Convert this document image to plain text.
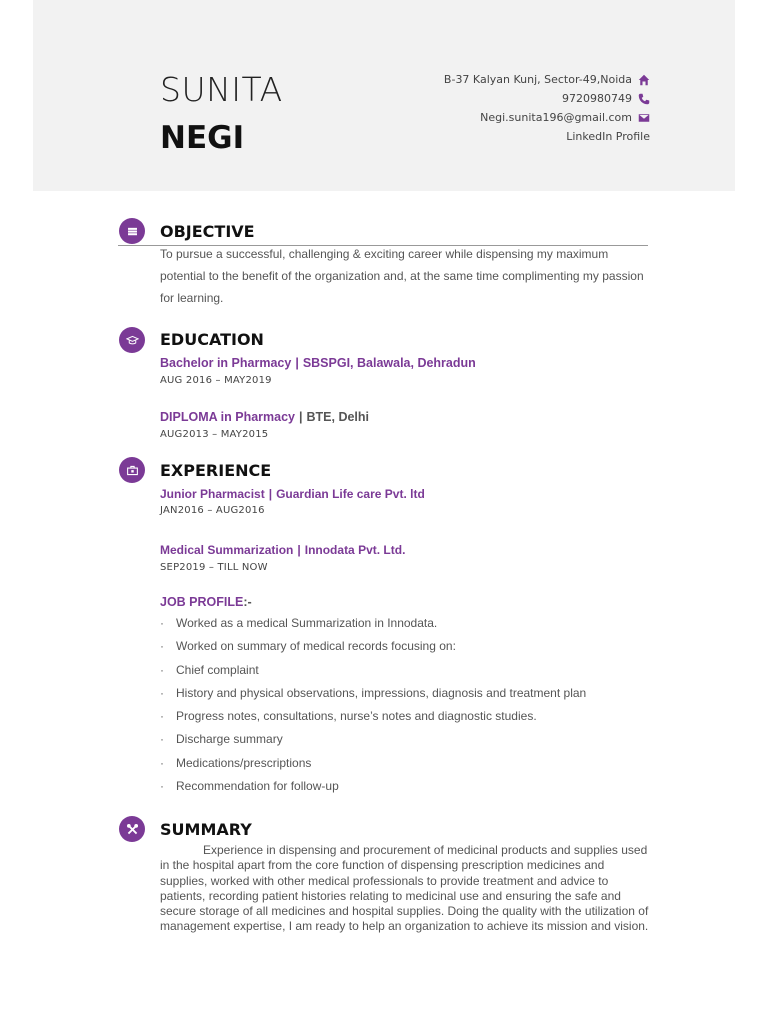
SUNITA
NEGI
B-37 Kalyan Kunj, Sector-49,Noida
9720980749
Negi.sunita196@gmail.com
LinkedIn Profile
OBJECTIVE
To pursue a successful, challenging & exciting career while dispensing my maximum potential to the benefit of the organization and, at the same time complimenting my passion for learning.
EDUCATION
Bachelor in Pharmacy | SBSPGI, Balawala, Dehradun
AUG 2016 – MAY2019
DIPLOMA in Pharmacy | BTE, Delhi
AUG2013 – MAY2015
EXPERIENCE
Junior Pharmacist | Guardian Life care Pvt. ltd
JAN2016 – AUG2016
Medical Summarization | Innodata Pvt. Ltd.
SEP2019 – TILL NOW
JOB PROFILE:-
·	Worked as a medical Summarization in Innodata.
·	Worked on summary of medical records focusing on:
·	Chief complaint
·	History and physical observations, impressions, diagnosis and treatment plan
·	Progress notes, consultations, nurse’s notes and diagnostic studies.
·	Discharge summary
·	Medications/prescriptions
·	Recommendation for follow-up
SUMMARY
Experience in dispensing and procurement of medicinal products and supplies used in the hospital apart from the core function of dispensing prescription medicines and supplies, worked with other medical professionals to provide treatment and advice to patients, recording patient histories relating to medicinal use and ensuring the safe and secure storage of all medicines and hospital supplies. Doing the quality with the utilization of management expertise, I am ready to help an organization to achieve its mission and vision.
